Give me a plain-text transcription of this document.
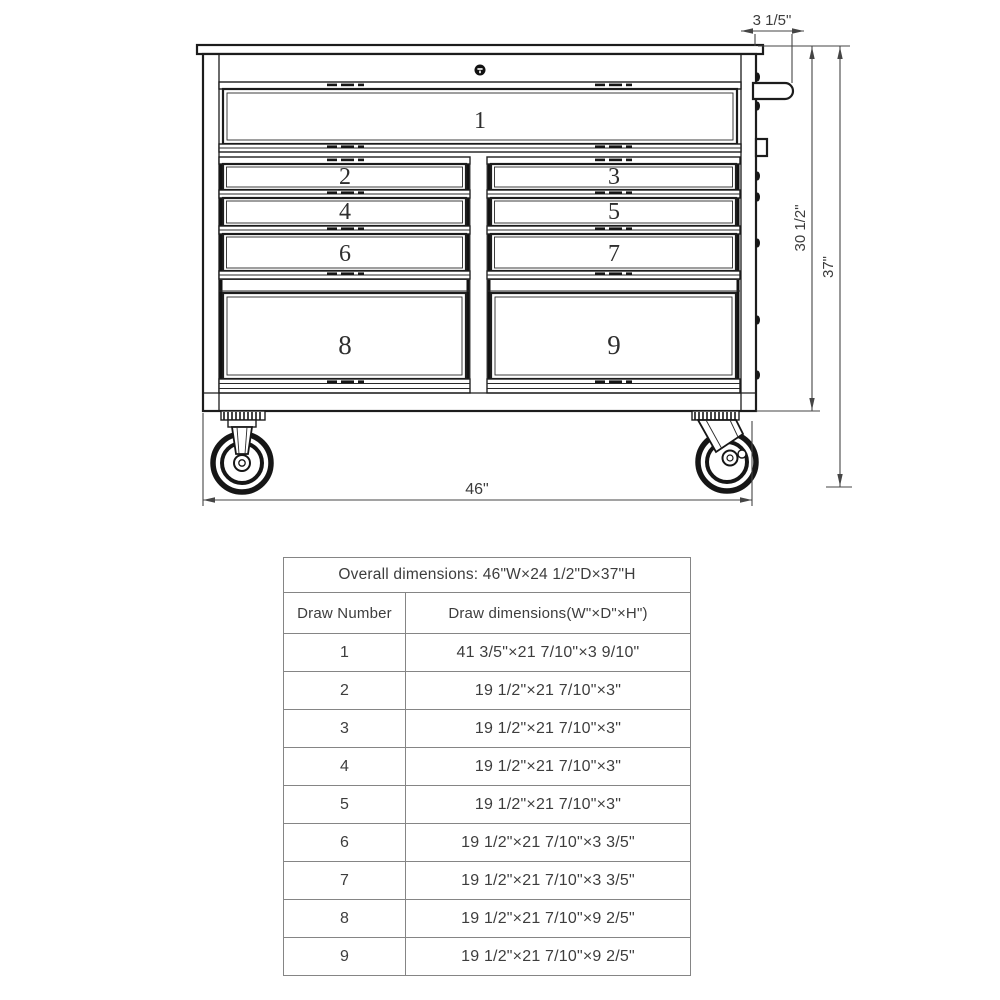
1
2
4
6
8
3
5
7
9
3 1/5"
30 1/2"
37"
46"
Overall dimensions: 46"W×24 1/2"D×37"H	
Draw Number	Draw dimensions(W"×D"×H")
1	41 3/5"×21 7/10"×3 9/10"
2	19 1/2"×21 7/10"×3"
3	19 1/2"×21 7/10"×3"
4	19 1/2"×21 7/10"×3"
5	19 1/2"×21 7/10"×3"
6	19 1/2"×21 7/10"×3 3/5"
7	19 1/2"×21 7/10"×3 3/5"
8	19 1/2"×21 7/10"×9 2/5"
9	19 1/2"×21 7/10"×9 2/5"
